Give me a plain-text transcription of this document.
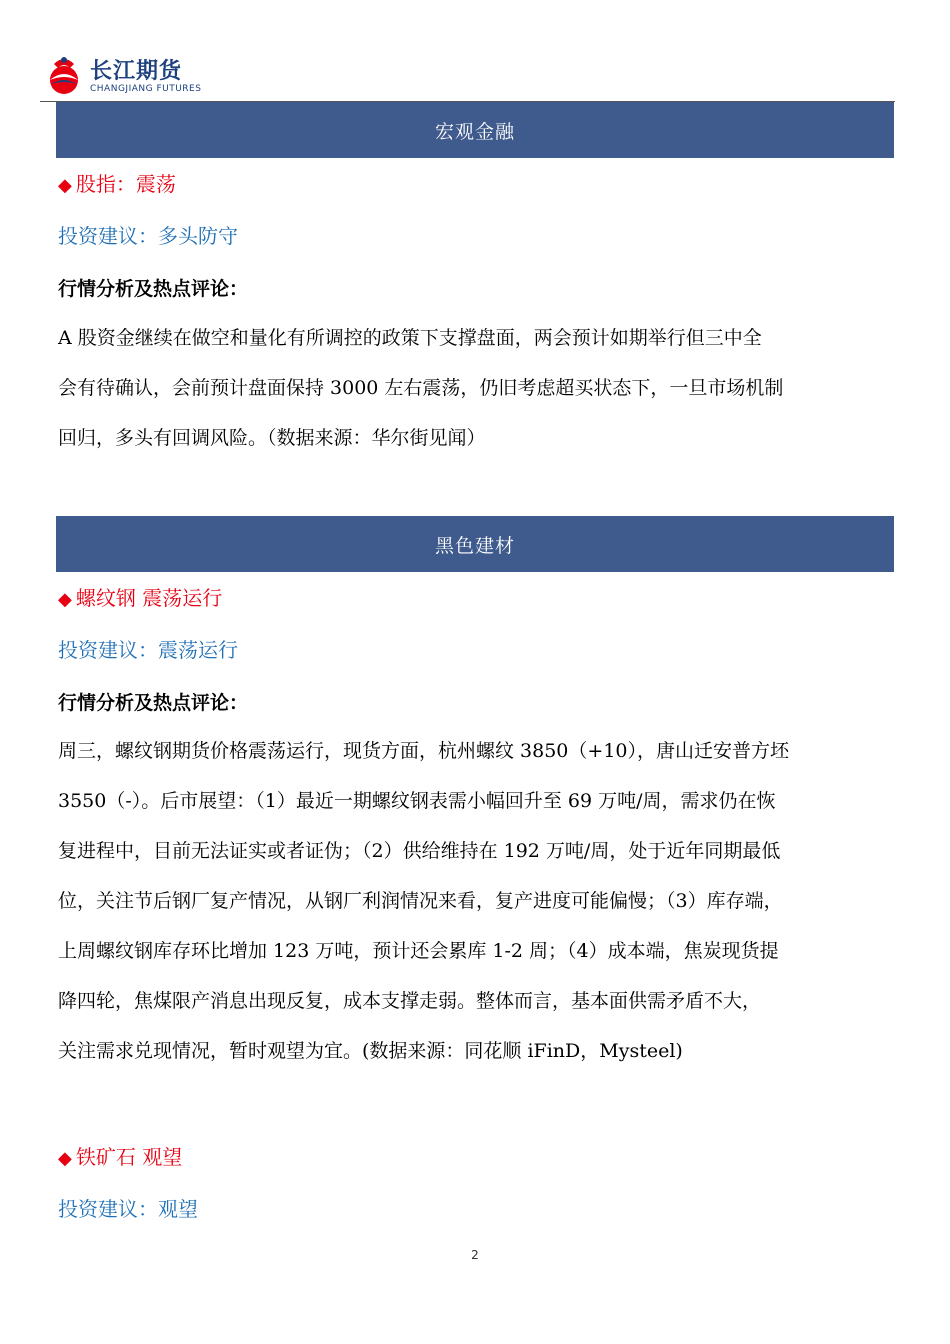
长江期货
CHANGJIANG FUTURES
宏观金融
◆ 股指：震荡
投资建议：多头防守
行情分析及热点评论：
A 股资金继续在做空和量化有所调控的政策下支撑盘面，两会预计如期举行但三中全
会有待确认，会前预计盘面保持 3000 左右震荡，仍旧考虑超买状态下，一旦市场机制
回归，多头有回调风险。（数据来源：华尔街见闻）
黑色建材
◆ 螺纹钢 震荡运行
投资建议：震荡运行
行情分析及热点评论：
周三，螺纹钢期货价格震荡运行，现货方面，杭州螺纹 3850（+10），唐山迁安普方坯
3550（-）。后市展望：（1）最近一期螺纹钢表需小幅回升至 69 万吨/周，需求仍在恢
复进程中，目前无法证实或者证伪；（2）供给维持在 192 万吨/周，处于近年同期最低
位，关注节后钢厂复产情况，从钢厂利润情况来看，复产进度可能偏慢；（3）库存端，
上周螺纹钢库存环比增加 123 万吨，预计还会累库 1-2 周；（4）成本端，焦炭现货提
降四轮，焦煤限产消息出现反复，成本支撑走弱。整体而言，基本面供需矛盾不大，
关注需求兑现情况，暂时观望为宜。(数据来源：同花顺 iFinD，Mysteel)
◆ 铁矿石 观望
投资建议：观望
2
